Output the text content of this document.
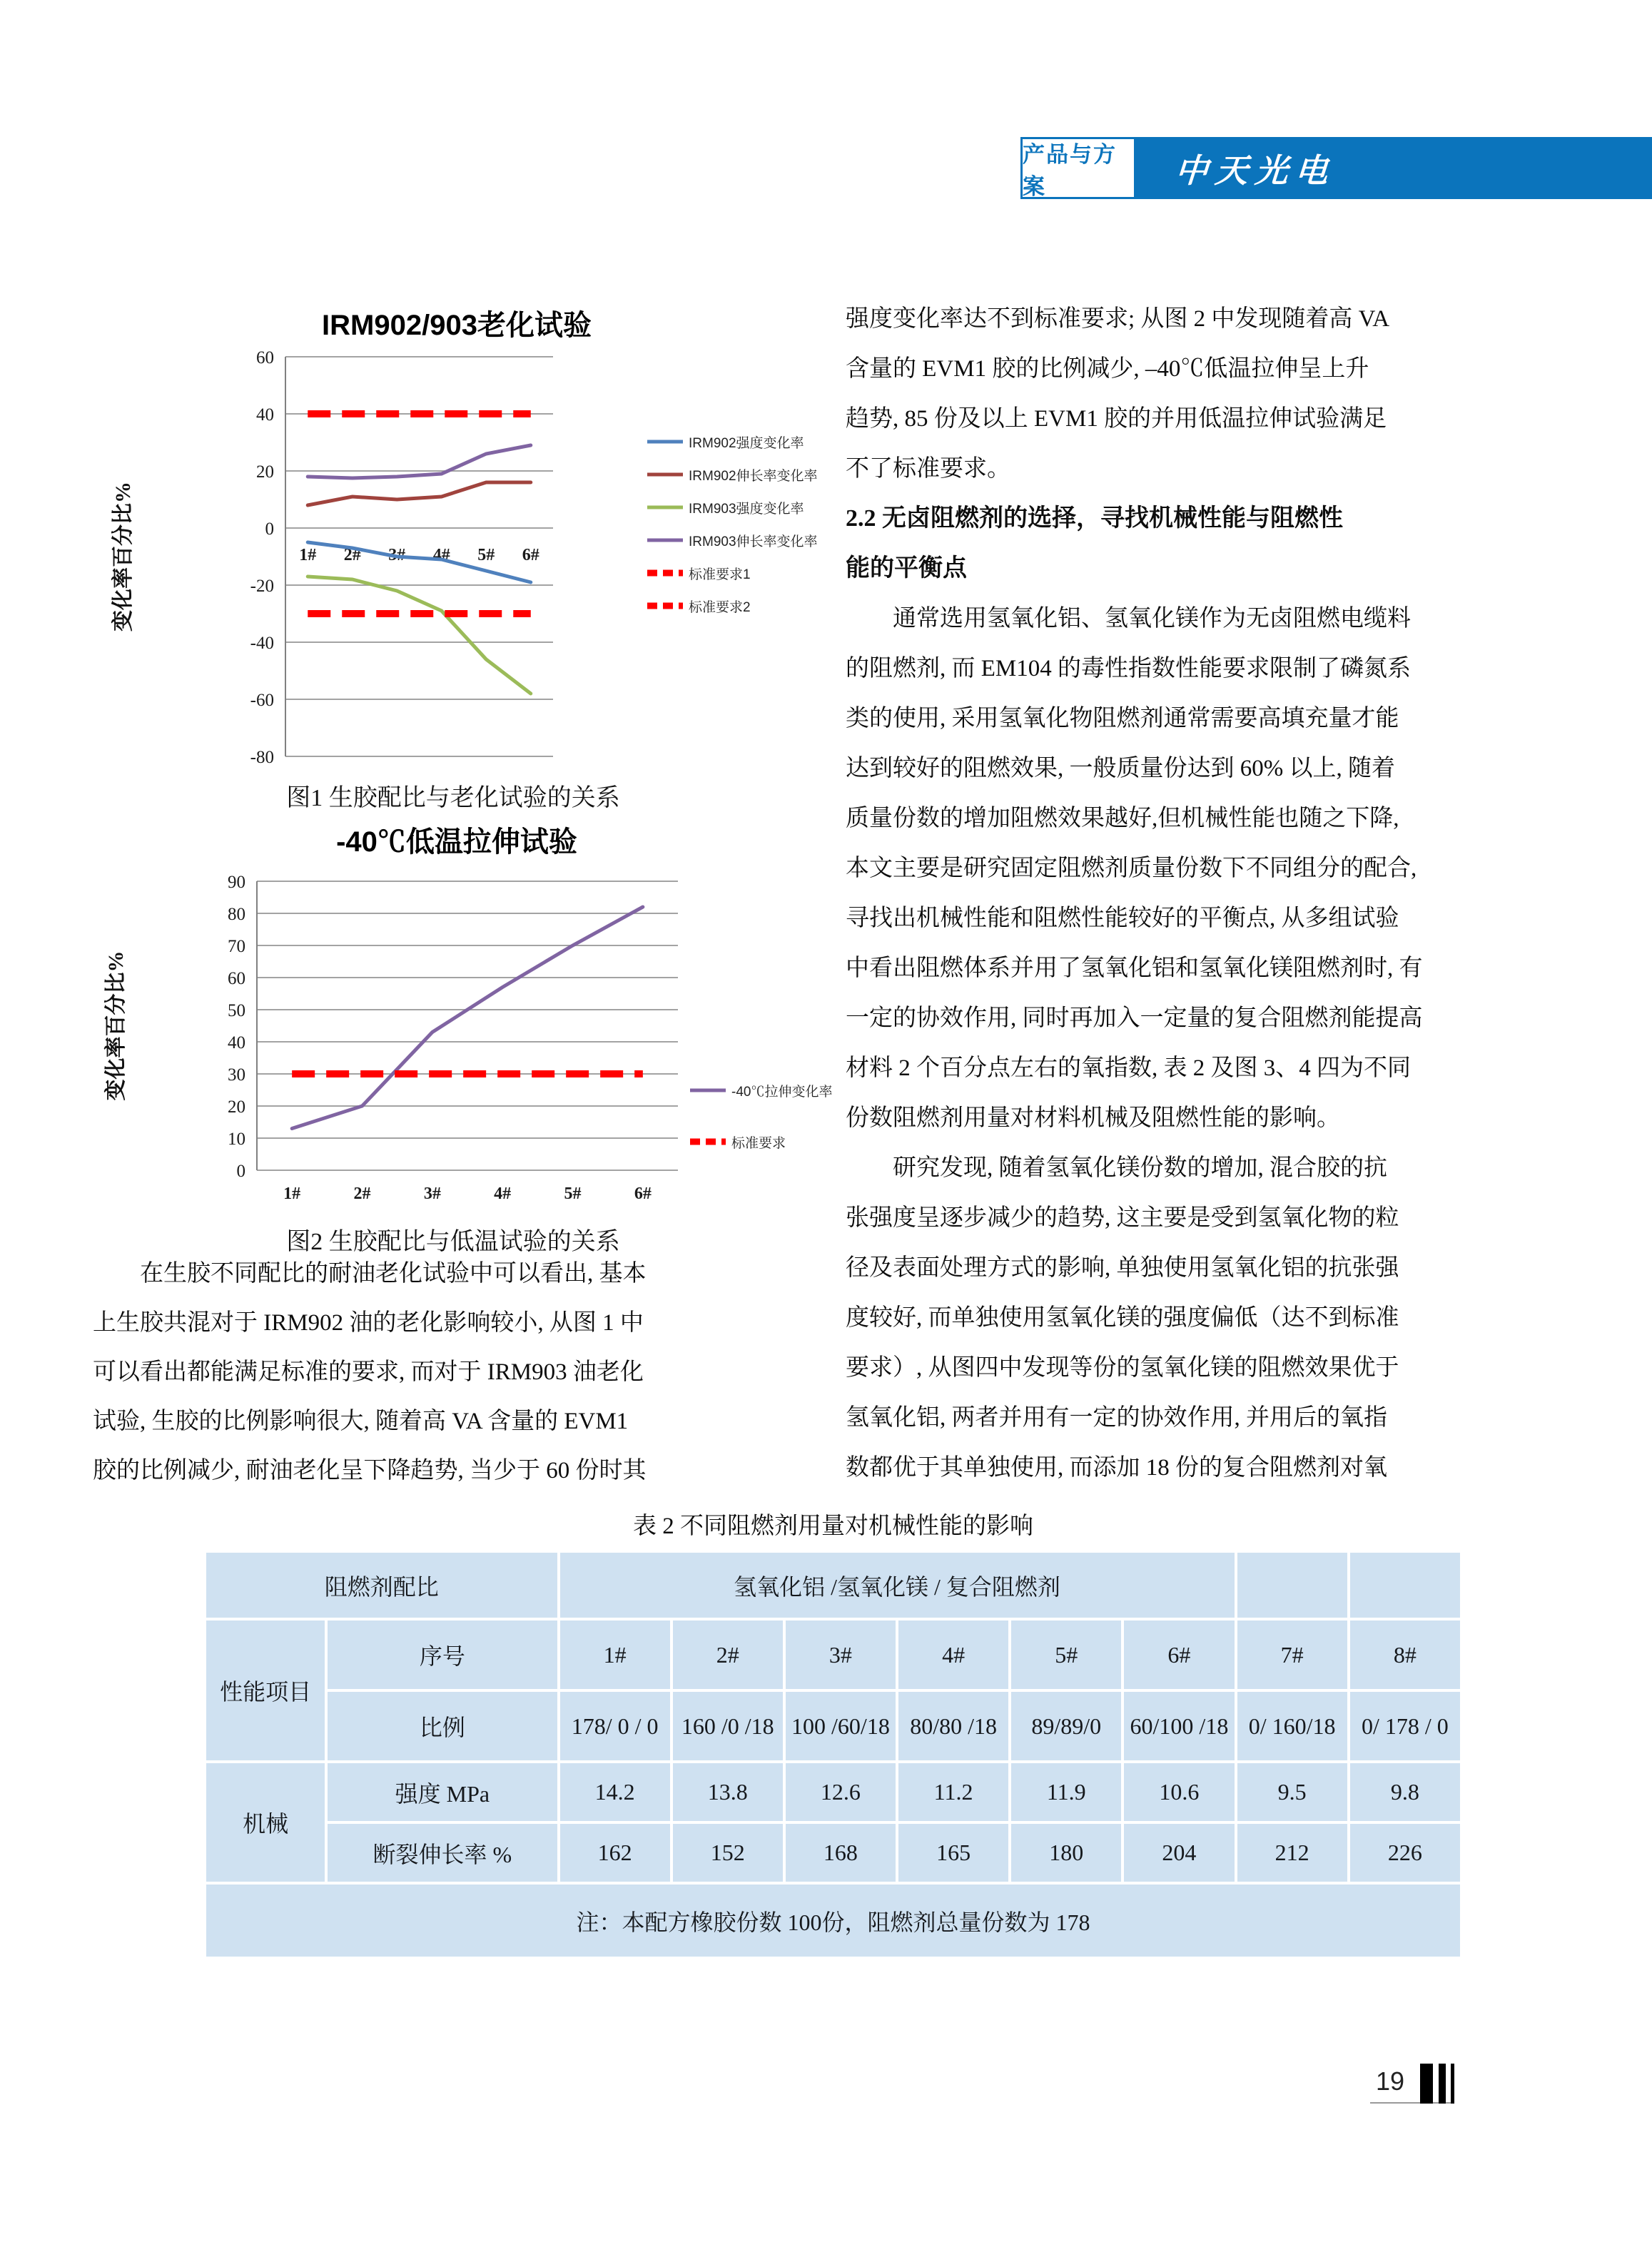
产品与方案	中天光电
IRM902/903老化试验
-80
-60
-40
-20
0
20
40
60
变化率百分比%	1# 2# 3# 4# 5# 6#
IRM902强度变化率
IRM902伸长率变化率
IRM903强度变化率
IRM903伸长率变化率
标准要求1
标准要求2
图1 生胶配比与老化试验的关系
-40℃低温拉伸试验
0
10
20
30
40
50
60
70
80
90
变化率百分比%
1#	2#	3#	4#	5#	6#
-40℃拉伸变化率
标准要求
图2 生胶配比与低温试验的关系
在生胶不同配比的耐油老化试验中可以看出, 基本
上生胶共混对于 IRM902 油的老化影响较小, 从图 1 中
可以看出都能满足标准的要求, 而对于 IRM903 油老化
试验, 生胶的比例影响很大, 随着高 VA 含量的 EVM1
胶的比例减少, 耐油老化呈下降趋势, 当少于 60 份时其
强度变化率达不到标准要求; 从图 2 中发现随着高 VA
含量的 EVM1 胶的比例减少, –40℃低温拉伸呈上升
趋势, 85 份及以上 EVM1 胶的并用低温拉伸试验满足
不了标准要求。
2.2 无卤阻燃剂的选择，寻找机械性能与阻燃性
能的平衡点
通常选用氢氧化铝、氢氧化镁作为无卤阻燃电缆料
的阻燃剂, 而 EM104 的毒性指数性能要求限制了磷氮系
类的使用, 采用氢氧化物阻燃剂通常需要高填充量才能
达到较好的阻燃效果, 一般质量份达到 60% 以上, 随着
质量份数的增加阻燃效果越好,但机械性能也随之下降,
本文主要是研究固定阻燃剂质量份数下不同组分的配合,
寻找出机械性能和阻燃性能较好的平衡点, 从多组试验
中看出阻燃体系并用了氢氧化铝和氢氧化镁阻燃剂时, 有
一定的协效作用, 同时再加入一定量的复合阻燃剂能提高
材料 2 个百分点左右的氧指数, 表 2 及图 3、4 四为不同
份数阻燃剂用量对材料机械及阻燃性能的影响。
研究发现, 随着氢氧化镁份数的增加, 混合胶的抗
张强度呈逐步减少的趋势, 这主要是受到氢氧化物的粒
径及表面处理方式的影响, 单独使用氢氧化铝的抗张强
度较好, 而单独使用氢氧化镁的强度偏低（达不到标准
要求）, 从图四中发现等份的氢氧化镁的阻燃效果优于
氢氧化铝, 两者并用有一定的协效作用, 并用后的氧指
数都优于其单独使用, 而添加 18 份的复合阻燃剂对氧
表 2 不同阻燃剂用量对机械性能的影响
阻燃剂配比		氢氧化铝 /氢氧化镁 / 复合阻燃剂							
性能项目	序号	1#	2#	3#	4#	5#	6#	7#	8#
	比例	178/ 0 / 0	160 /0 /18	100 /60/18	80/80 /18	89/89/0	60/100 /18	0/ 160/18	0/ 178 / 0
机械	强度 MPa	14.2	13.8	12.6	11.2	11.9	10.6	9.5	9.8
	断裂伸长率 %	162	152	168	165	180	204	212	226
注：本配方橡胶份数 100份，阻燃剂总量份数为 178									
19
